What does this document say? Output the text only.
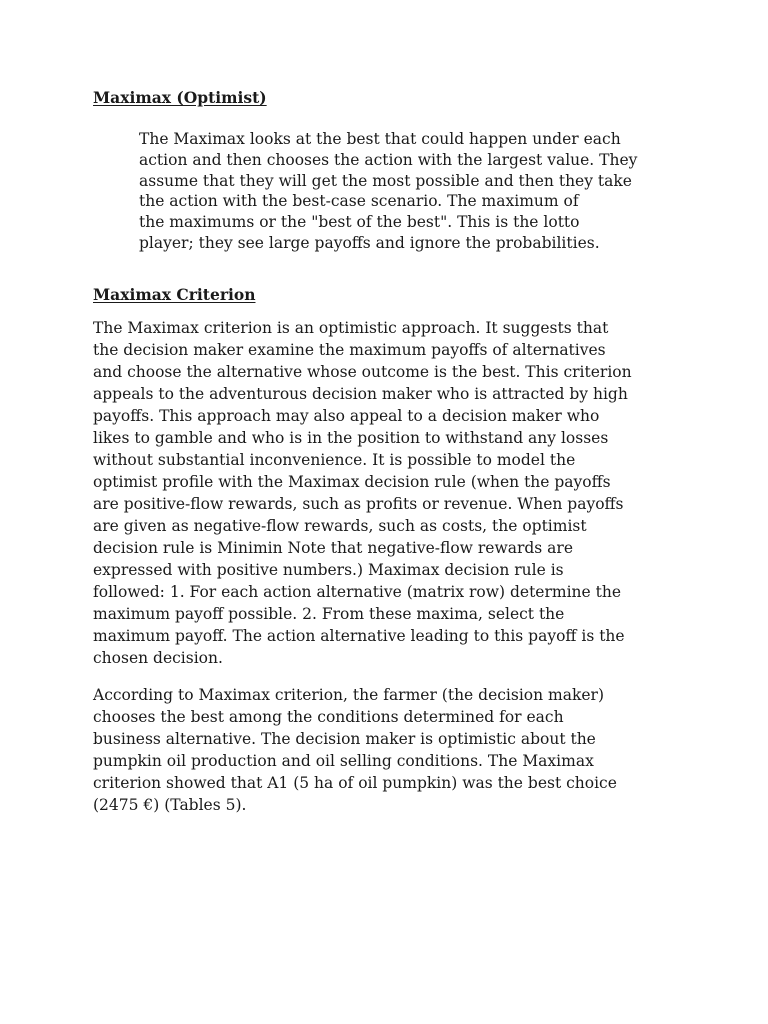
Maximax (Optimist)

The Maximax looks at the best that could happen under each
action and then chooses the action with the largest value. They
assume that they will get the most possible and then they take
the action with the best-case scenario. The maximum of
the maximums or the "best of the best". This is the lotto
player; they see large payoffs and ignore the probabilities.

Maximax Criterion

The Maximax criterion is an optimistic approach. It suggests that
the decision maker examine the maximum payoffs of alternatives
and choose the alternative whose outcome is the best. This criterion
appeals to the adventurous decision maker who is attracted by high
payoffs. This approach may also appeal to a decision maker who
likes to gamble and who is in the position to withstand any losses
without substantial inconvenience. It is possible to model the
optimist profile with the Maximax decision rule (when the payoffs
are positive-flow rewards, such as profits or revenue. When payoffs
are given as negative-flow rewards, such as costs, the optimist
decision rule is Minimin Note that negative-flow rewards are
expressed with positive numbers.) Maximax decision rule is
followed: 1. For each action alternative (matrix row) determine the
maximum payoff possible. 2. From these maxima, select the
maximum payoff. The action alternative leading to this payoff is the
chosen decision.

According to Maximax criterion, the farmer (the decision maker)
chooses the best among the conditions determined for each
business alternative. The decision maker is optimistic about the
pumpkin oil production and oil selling conditions. The Maximax
criterion showed that A1 (5 ha of oil pumpkin) was the best choice
(2475 €) (Tables 5).
